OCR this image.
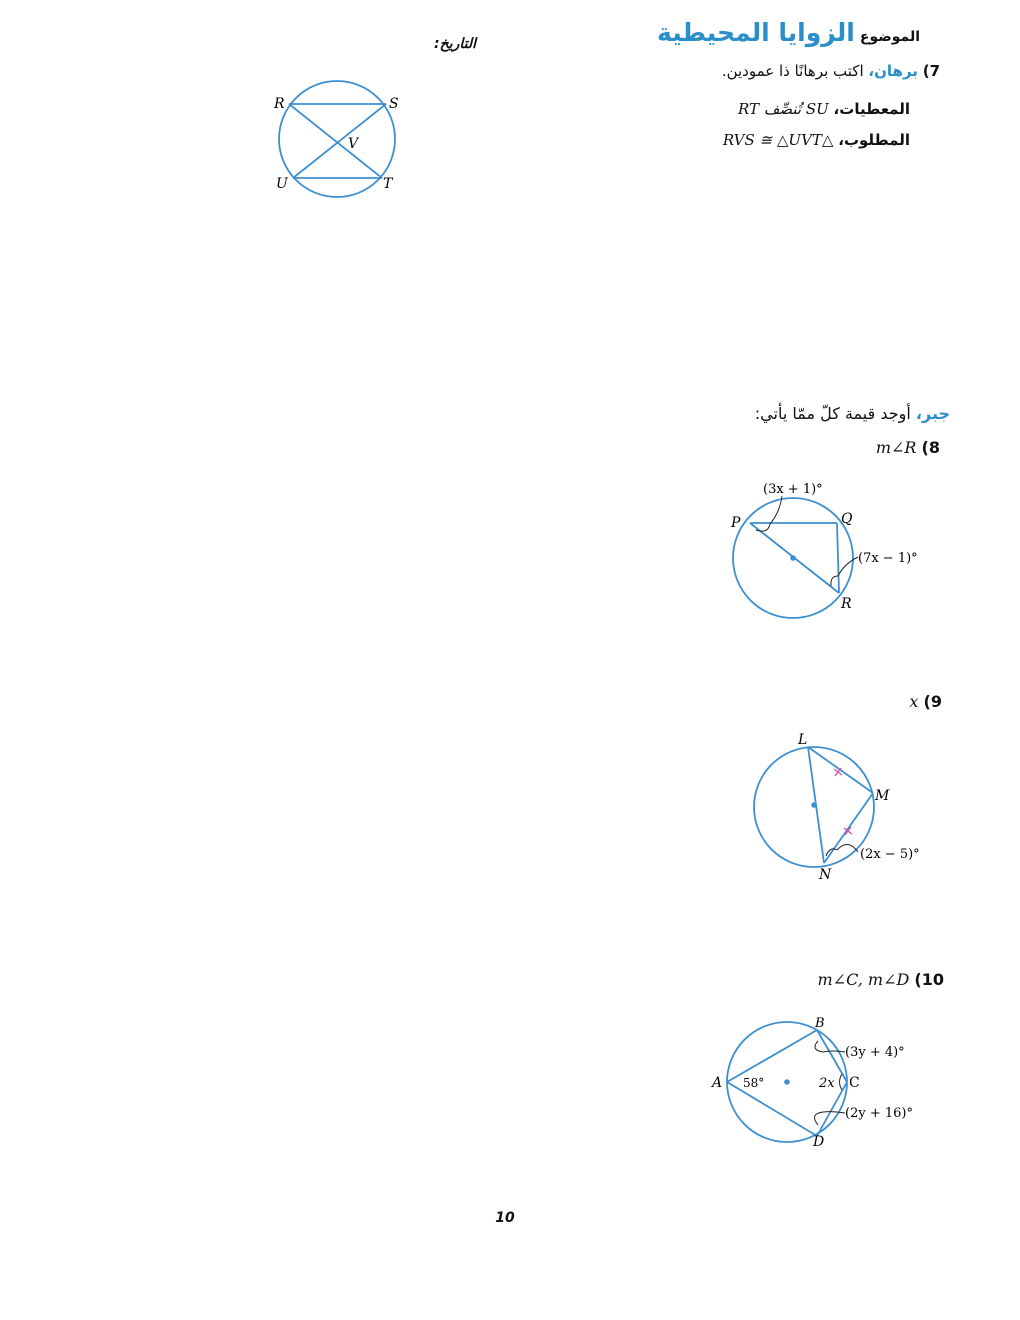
الموضوع الزوايا المحيطية
التاريخ:
7) برهان، اكتب برهانًا ذا عمودين.
المعطيات، SU تُنصِّف RT
المطلوب، △RVS ≅ △UVT
R	S
V
U	T
جبر، أوجد قيمة كلّ ممّا يأتي:
m∠R (8
(3x + 1)°
P	Q
(7x − 1)°
R
x (9
L
M
(2x − 5)°
N
m∠C, m∠D (10
B
(3y + 4)°
A 58°	2x C
(2y + 16)°
D
10
